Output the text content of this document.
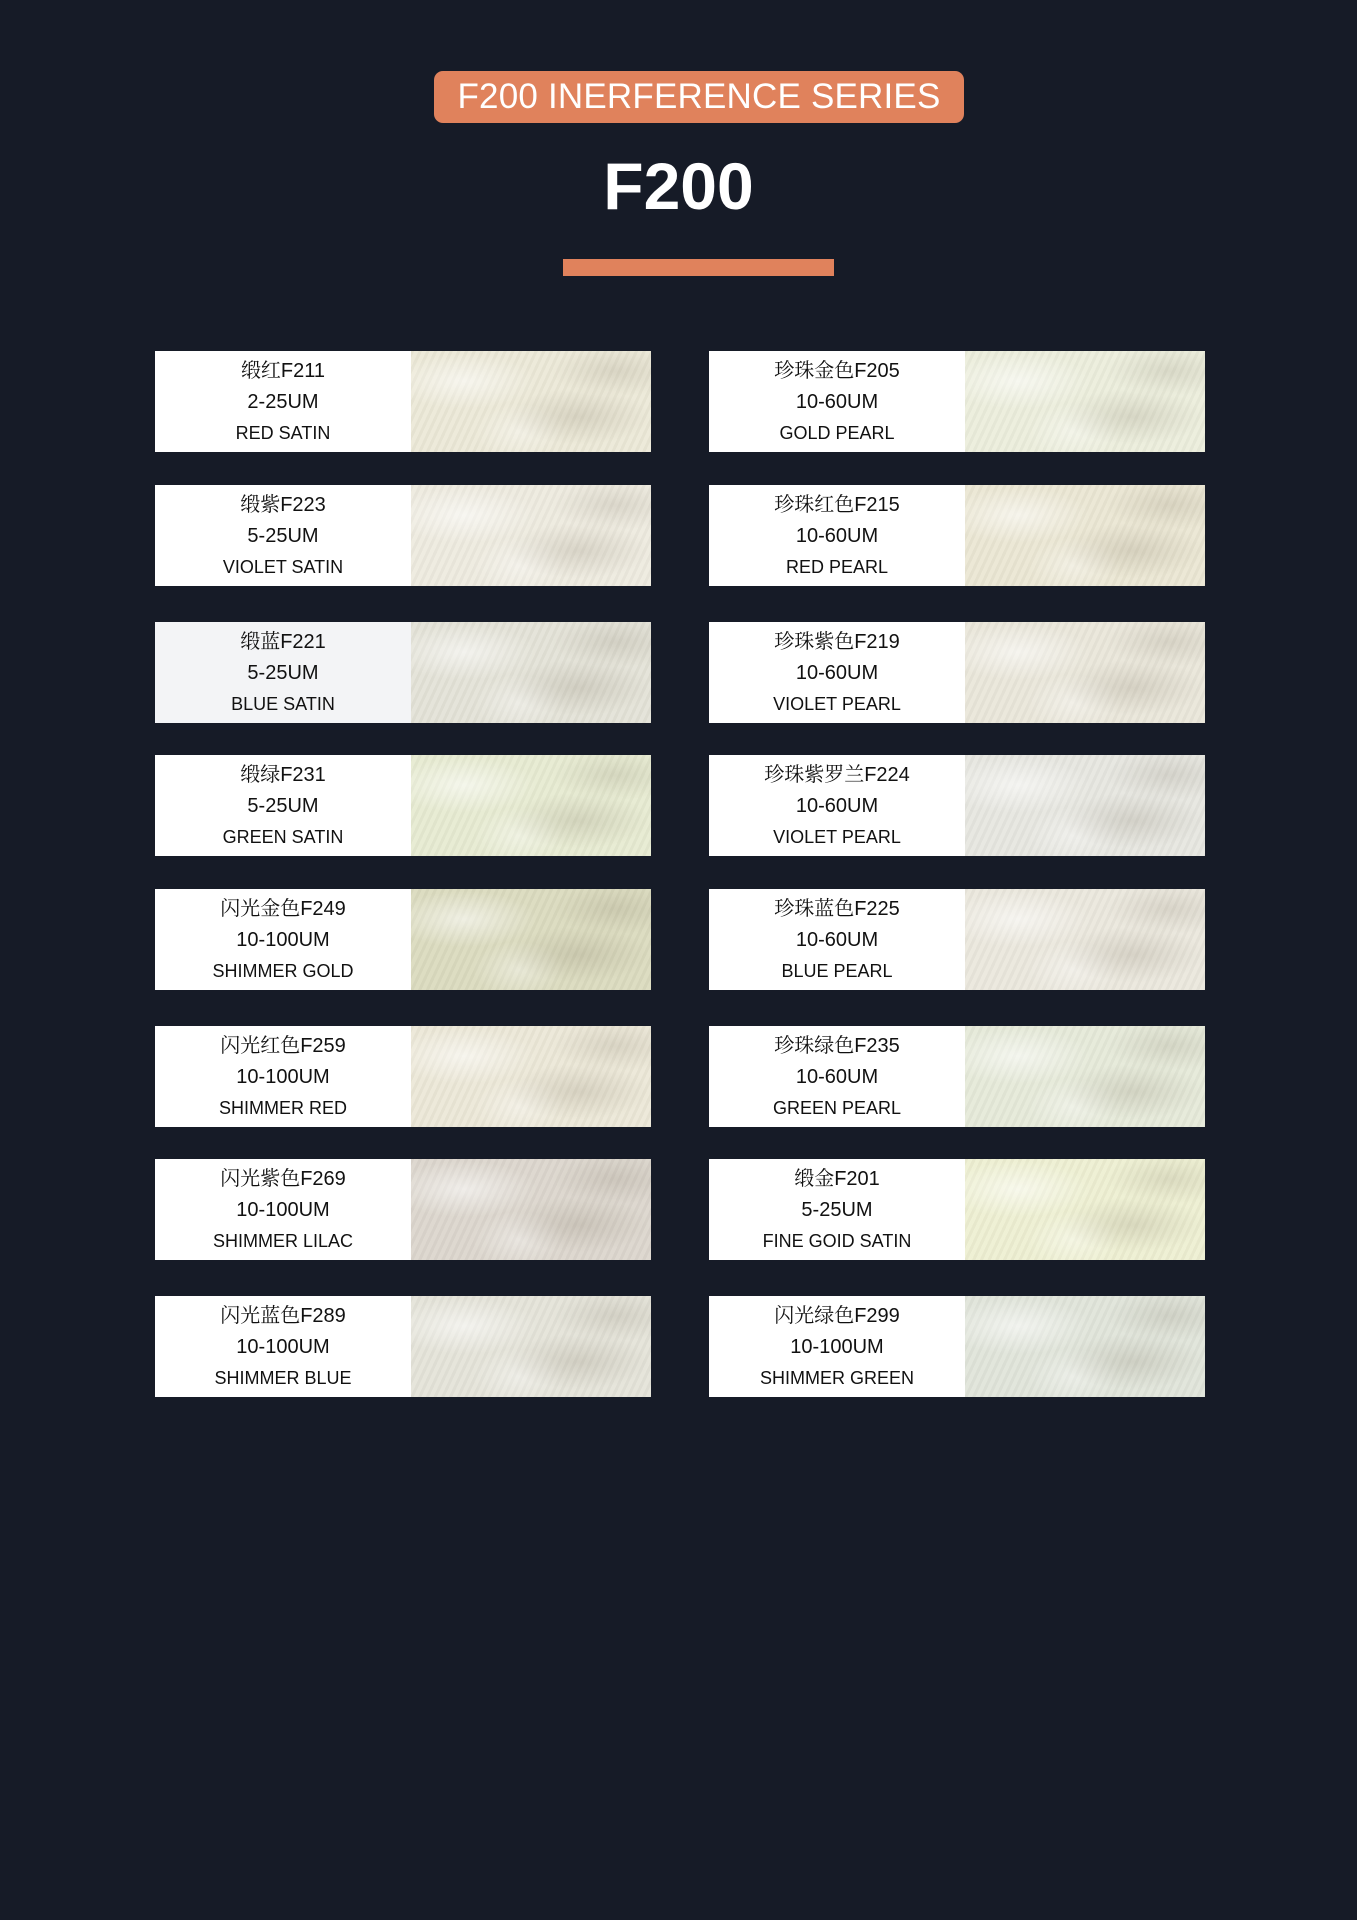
F200 INERFERENCE SERIES
F200
缎红F211
2-25UM
RED SATIN
珍珠金色F205
10-60UM
GOLD PEARL
缎紫F223
5-25UM
VIOLET SATIN
珍珠红色F215
10-60UM
RED PEARL
缎蓝F221
5-25UM
BLUE SATIN
珍珠紫色F219
10-60UM
VIOLET PEARL
缎绿F231
5-25UM
GREEN SATIN
珍珠紫罗兰F224
10-60UM
VIOLET PEARL
闪光金色F249
10-100UM
SHIMMER GOLD
珍珠蓝色F225
10-60UM
BLUE PEARL
闪光红色F259
10-100UM
SHIMMER RED
珍珠绿色F235
10-60UM
GREEN PEARL
闪光紫色F269
10-100UM
SHIMMER LILAC
缎金F201
5-25UM
FINE GOID SATIN
闪光蓝色F289
10-100UM
SHIMMER BLUE
闪光绿色F299
10-100UM
SHIMMER GREEN
